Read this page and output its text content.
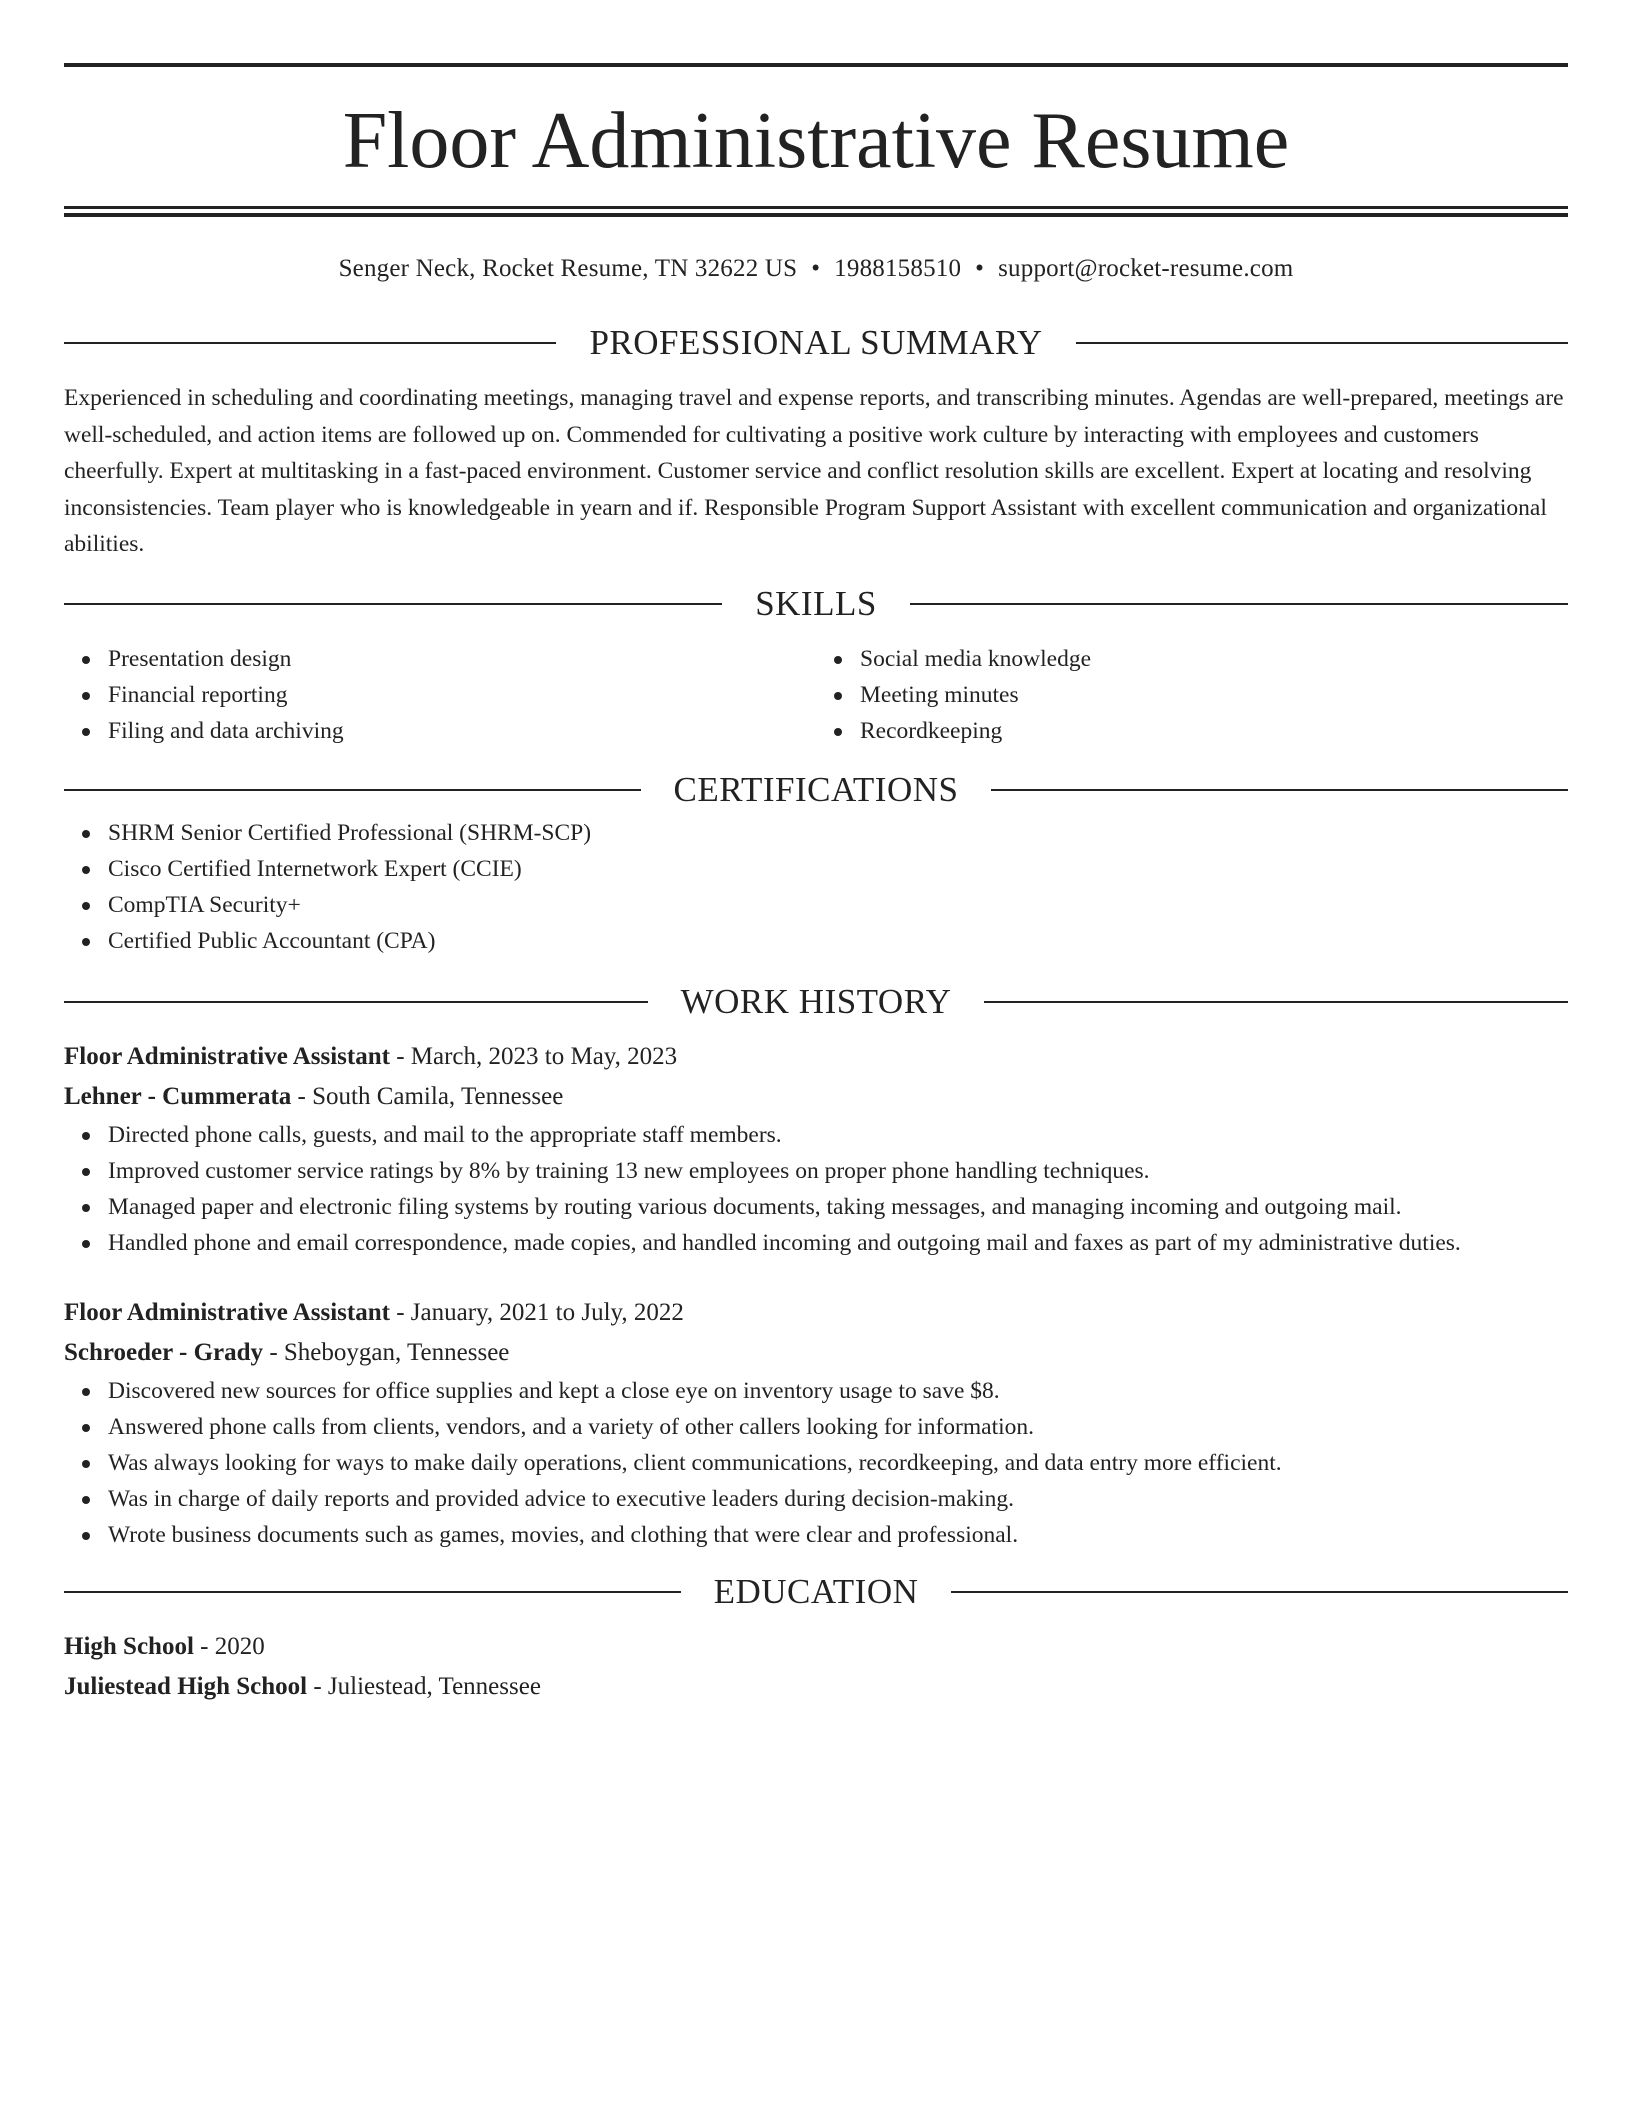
Floor Administrative Resume
Senger Neck, Rocket Resume, TN 32622 US • 1988158510 • support@rocket-resume.com
PROFESSIONAL SUMMARY
Experienced in scheduling and coordinating meetings, managing travel and expense reports, and transcribing minutes. Agendas are well-prepared, meetings are well-scheduled, and action items are followed up on. Commended for cultivating a positive work culture by interacting with employees and customers cheerfully. Expert at multitasking in a fast-paced environment. Customer service and conflict resolution skills are excellent. Expert at locating and resolving inconsistencies. Team player who is knowledgeable in yearn and if. Responsible Program Support Assistant with excellent communication and organizational abilities.
SKILLS
Presentation design
Financial reporting
Filing and data archiving
Social media knowledge
Meeting minutes
Recordkeeping
CERTIFICATIONS
SHRM Senior Certified Professional (SHRM-SCP)
Cisco Certified Internetwork Expert (CCIE)
CompTIA Security+
Certified Public Accountant (CPA)
WORK HISTORY
Floor Administrative Assistant - March, 2023 to May, 2023
Lehner - Cummerata - South Camila, Tennessee
Directed phone calls, guests, and mail to the appropriate staff members.
Improved customer service ratings by 8% by training 13 new employees on proper phone handling techniques.
Managed paper and electronic filing systems by routing various documents, taking messages, and managing incoming and outgoing mail.
Handled phone and email correspondence, made copies, and handled incoming and outgoing mail and faxes as part of my administrative duties.
Floor Administrative Assistant - January, 2021 to July, 2022
Schroeder - Grady - Sheboygan, Tennessee
Discovered new sources for office supplies and kept a close eye on inventory usage to save $8.
Answered phone calls from clients, vendors, and a variety of other callers looking for information.
Was always looking for ways to make daily operations, client communications, recordkeeping, and data entry more efficient.
Was in charge of daily reports and provided advice to executive leaders during decision-making.
Wrote business documents such as games, movies, and clothing that were clear and professional.
EDUCATION
High School - 2020
Juliestead High School - Juliestead, Tennessee
